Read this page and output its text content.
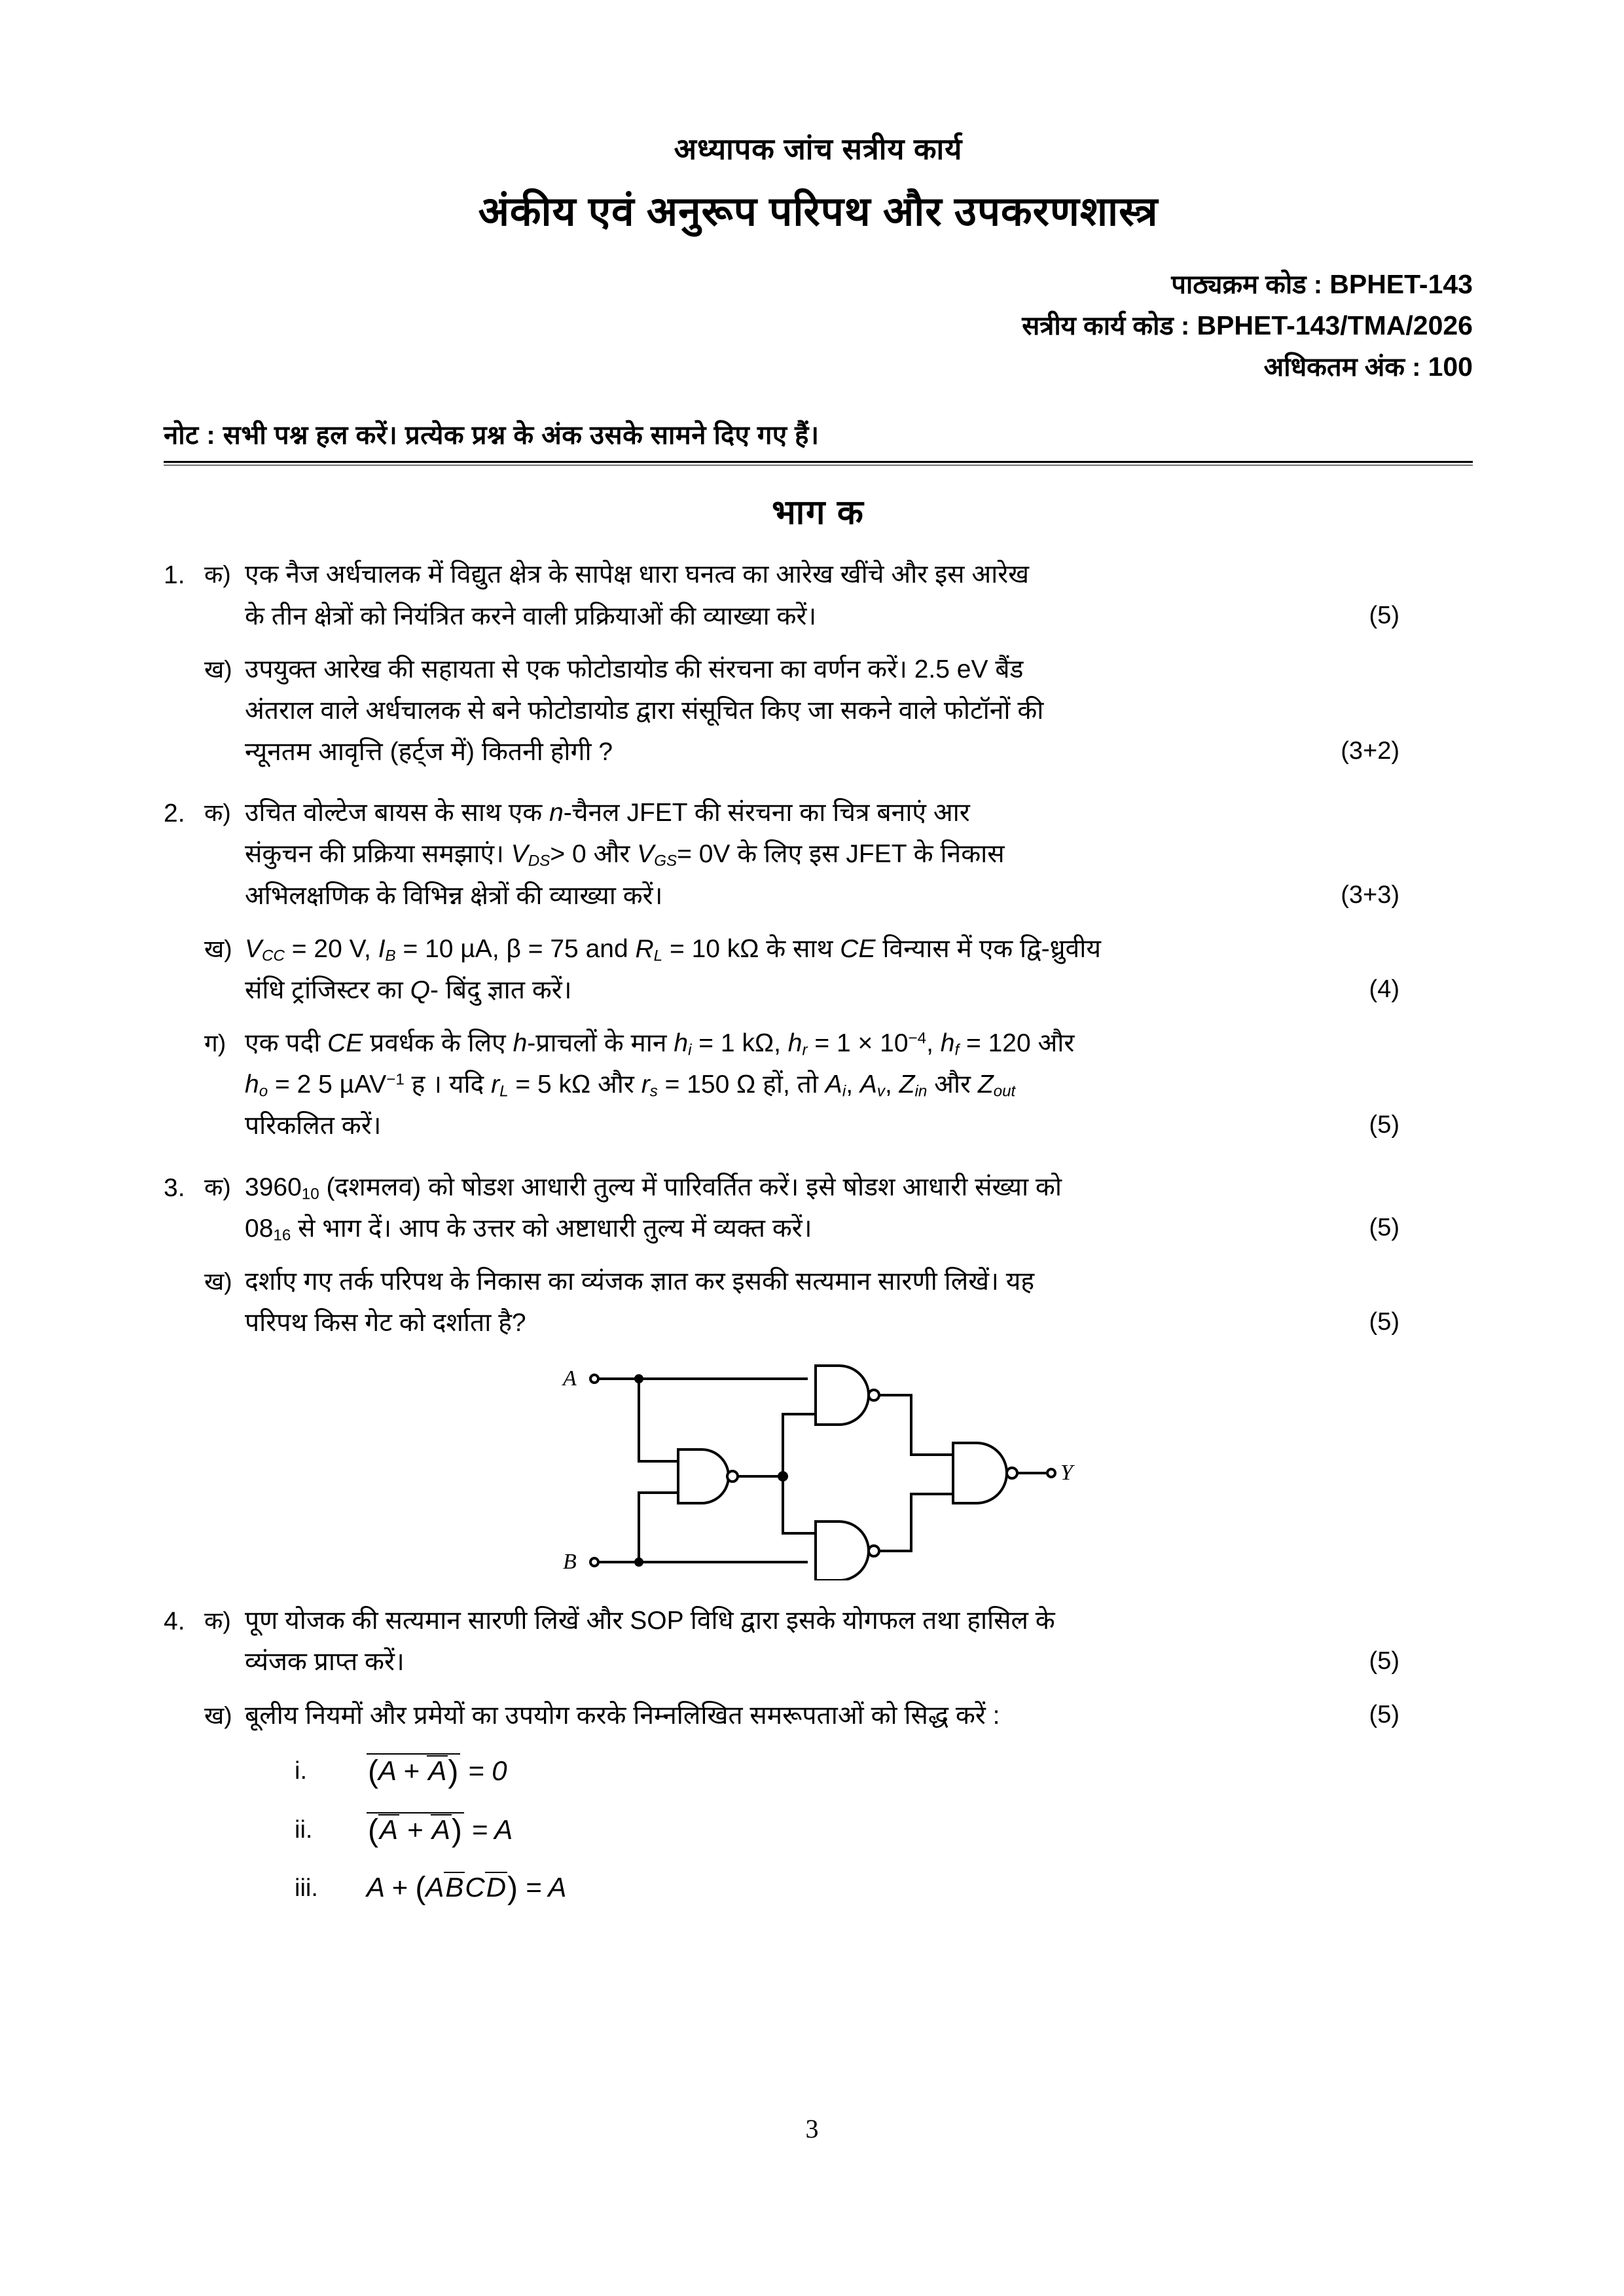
अध्यापक जांच सत्रीय कार्य
अंकीय एवं अनुरूप परिपथ और उपकरणशास्त्र
पाठ्यक्रम कोड : BPHET-143
सत्रीय कार्य कोड : BPHET-143/TMA/2026
अधिकतम अंक : 100
नोट : सभी पश्न हल करें। प्रत्येक प्रश्न के अंक उसके सामने दिए गए हैं।
भाग क
1. क) एक नैज अर्धचालक में विद्युत क्षेत्र के सापेक्ष धारा घनत्व का आरेख खींचे और इस आरेख
के तीन क्षेत्रों को नियंत्रित करने वाली प्रक्रियाओं की व्याख्या करें।	(5)
ख) उपयुक्त आरेख की सहायता से एक फोटोडायोड की संरचना का वर्णन करें। 2.5 eV बैंड
अंतराल वाले अर्धचालक से बने फोटोडायोड द्वारा संसूचित किए जा सकने वाले फोटॉनों की
न्यूनतम आवृत्ति (हर्ट्ज में) कितनी होगी ?	(3+2)
2. क) उचित वोल्टेज बायस के साथ एक n-चैनल JFET की संरचना का चित्र बनाएं आर
संकुचन की प्रक्रिया समझाएं। $V_{DS}> 0$ और $V_{GS}= 0V$ के लिए इस JFET के निकास
अभिलक्षणिक के विभिन्न क्षेत्रों की व्याख्या करें।	(3+3)
ख) $V_{CC} = 20$ V, $I_B = 10$ µA, β = 75 and $R_L = 10$ kΩ के साथ CE विन्यास में एक द्वि-ध्रुवीय
संधि ट्रांजिस्टर का Q- बिंदु ज्ञात करें।	(4)
ग) एक पदी CE प्रवर्धक के लिए h-प्राचलों के मान $h_i = 1$ kΩ, $h_r = 1 \times 10^{-4}$, $h_f = 120$ और
$h_o = 2$ 5 µAV$^{-1}$ ह । यदि $r_L = 5$ kΩ और $r_s = 150$ Ω हों, तो $A_i$, $A_v$, $Z_{in}$ और $Z_{out}$
परिकलित करें।	(5)
3. क) $3960_{10}$ (दशमलव) को षोडश आधारी तुल्य में पारिवर्तित करें। इसे षोडश आधारी संख्या को
$08_{16}$ से भाग दें। आप के उत्तर को अष्टाधारी तुल्य में व्यक्त करें।	(5)
ख) दर्शाए गए तर्क परिपथ के निकास का व्यंजक ज्ञात कर इसकी सत्यमान सारणी लिखें। यह
परिपथ किस गेट को दर्शाता है?	(5)
A
B
Y
4. क) पूण योजक की सत्यमान सारणी लिखें और SOP विधि द्वारा इसके योगफल तथा हासिल के
व्यंजक प्राप्त करें।	(5)
ख) बूलीय नियमों और प्रमेयों का उपयोग करके निम्नलिखित समरूपताओं को सिद्ध करें :	(5)
i.	(A + A) = 0
ii.	(A + A) = A
iii.	A + (ABCD) = A
3
